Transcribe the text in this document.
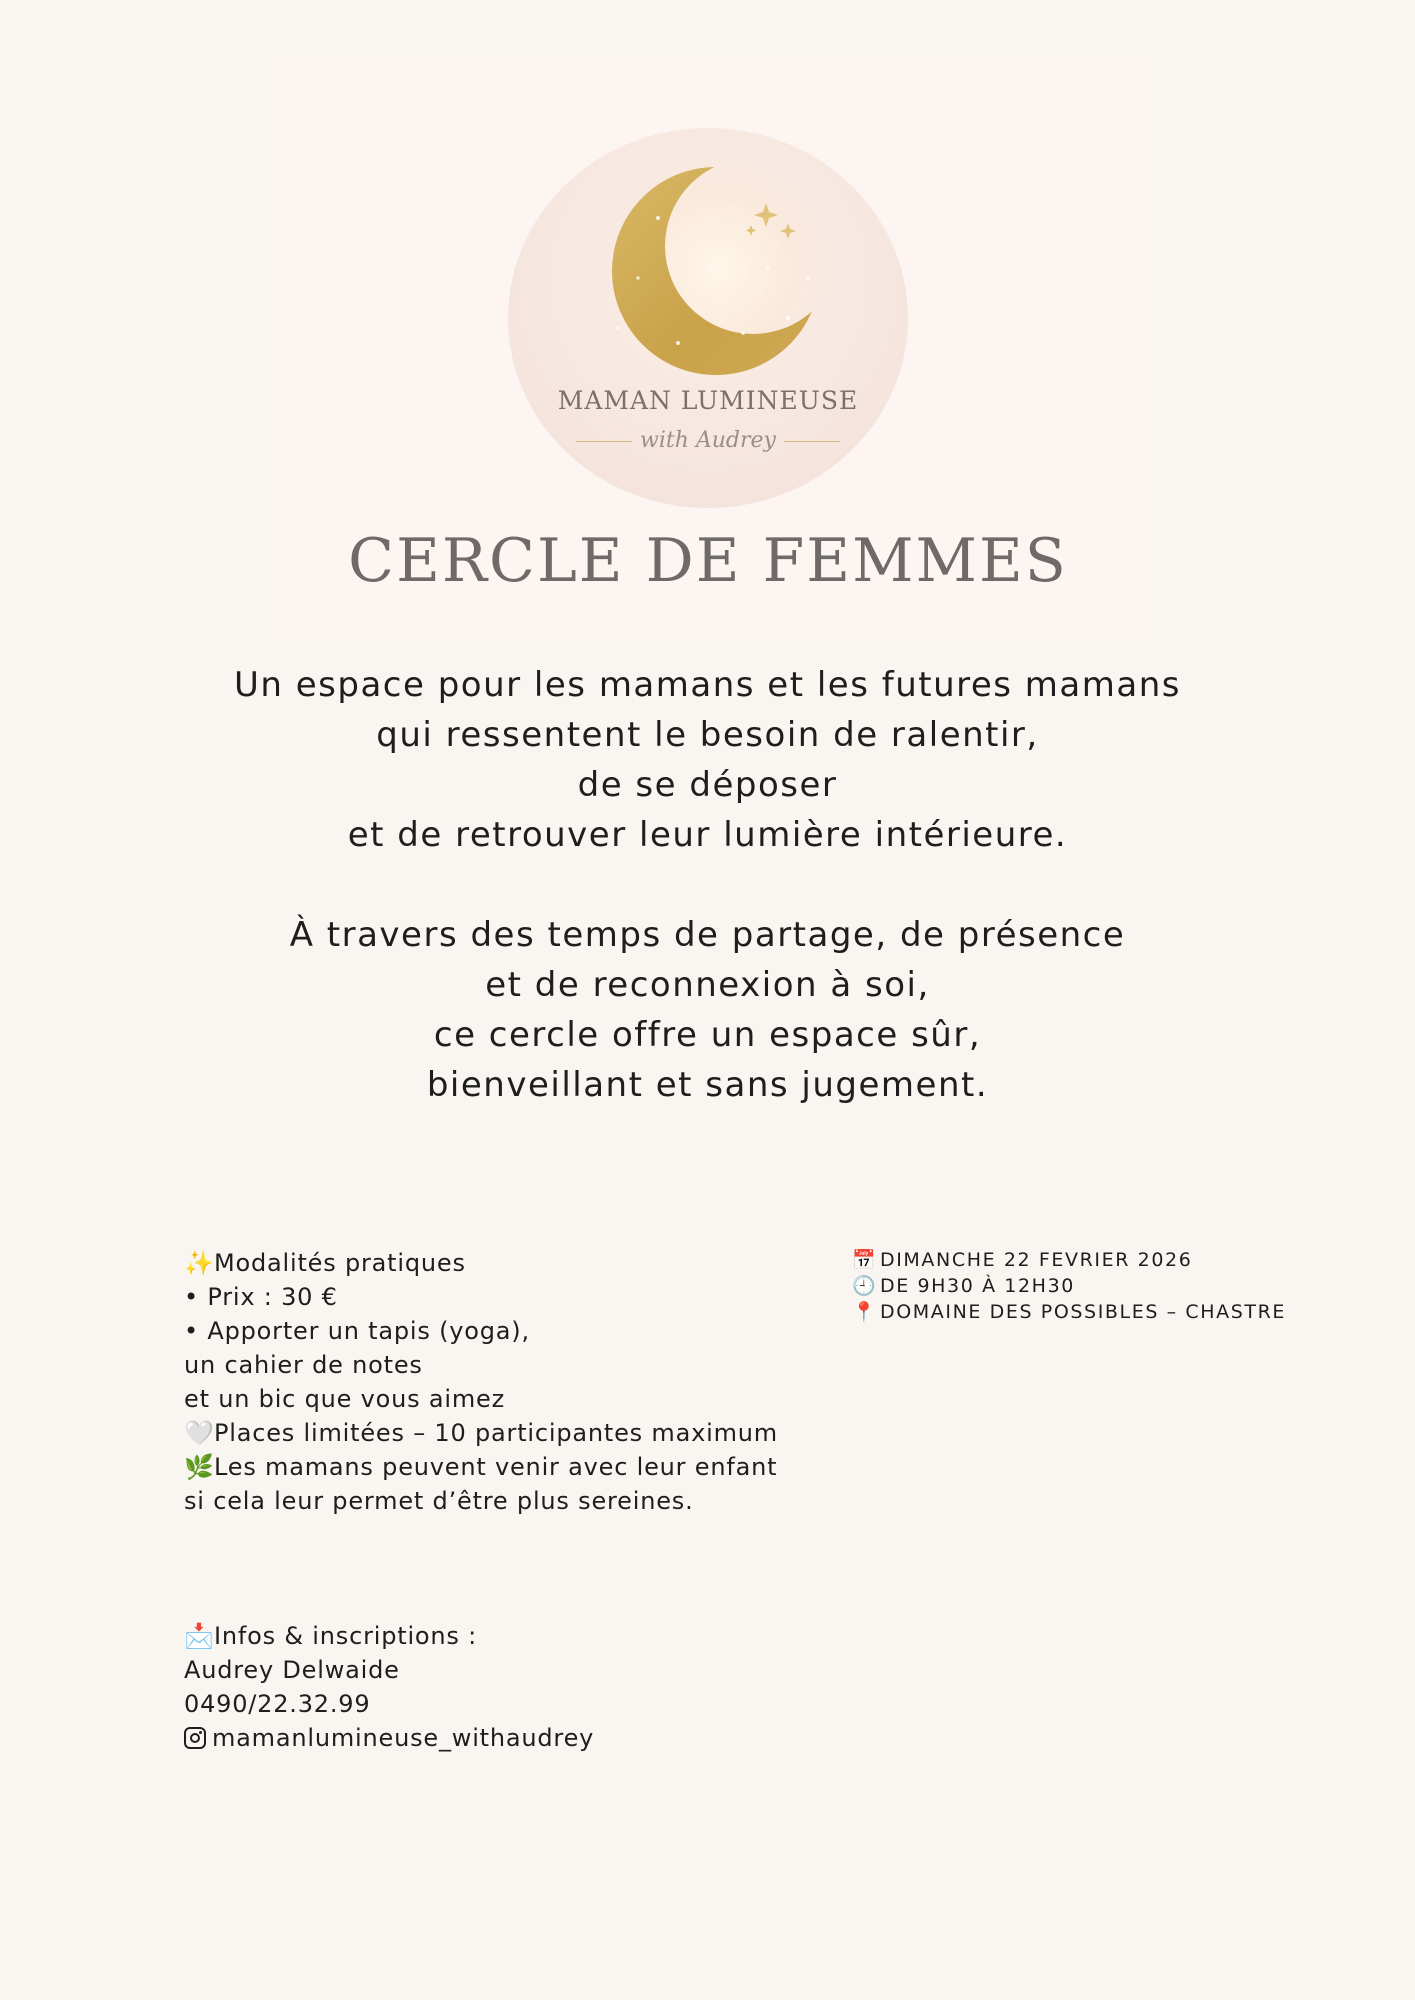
MAMAN LUMINEUSE
with Audrey
CERCLE DE FEMMES

Un espace pour les mamans et les futures mamans

qui ressentent le besoin de ralentir,

de se déposer

et de retrouver leur lumière intérieure.

À travers des temps de partage, de présence

et de reconnexion à soi,

ce cercle offre un espace sûr,

bienveillant et sans jugement.

✨Modalités pratiques

• Prix : 30 €

• Apporter un tapis (yoga),

un cahier de notes

et un bic que vous aimez

🤍Places limitées – 10 participantes maximum

🌿Les mamans peuvent venir avec leur enfant

si cela leur permet d’être plus sereines.

📅 DIMANCHE 22 FEVRIER 2026

🕘 DE 9H30 À 12H30

📍 DOMAINE DES POSSIBLES – CHASTRE

📩Infos & inscriptions :

Audrey Delwaide

0490/22.32.99

mamanlumineuse_withaudrey
